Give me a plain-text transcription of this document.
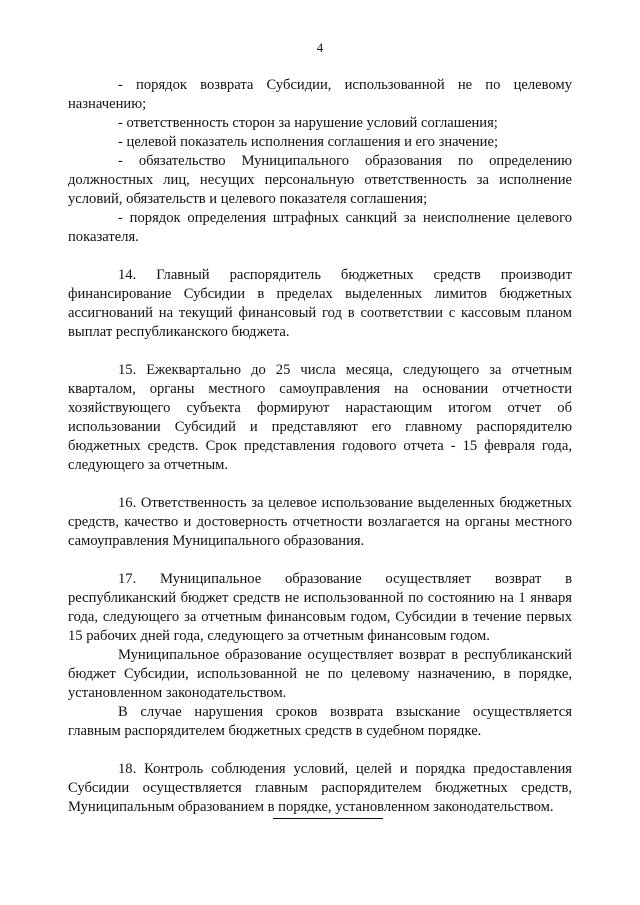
4

- порядок возврата Субсидии, использованной не по целевому назначению;

- ответственность сторон за нарушение условий соглашения;

- целевой показатель исполнения соглашения и его значение;

- обязательство Муниципального образования по определению должностных лиц, несущих персональную ответственность за исполнение условий, обязательств и целевого показателя соглашения;

- порядок определения штрафных санкций за неисполнение целевого показателя.

14. Главный распорядитель бюджетных средств производит финансирование Субсидии в пределах выделенных лимитов бюджетных ассигнований на текущий финансовый год в соответствии с кассовым планом выплат республиканского бюджета.

15. Ежеквартально до 25 числа месяца, следующего за отчетным кварталом, органы местного самоуправления на основании отчетности хозяйствующего субъекта формируют нарастающим итогом отчет об использовании Субсидий и представляют его главному распорядителю бюджетных средств. Срок представления годового отчета - 15 февраля года, следующего за отчетным.

16. Ответственность за целевое использование выделенных бюджетных средств, качество и достоверность отчетности возлагается на органы местного самоуправления Муниципального образования.

17. Муниципальное образование осуществляет возврат в республиканский бюджет средств не использованной по состоянию на 1 января года, следующего за отчетным финансовым годом, Субсидии в течение первых 15 рабочих дней года, следующего за отчетным финансовым годом.

Муниципальное образование осуществляет возврат в республиканский бюджет Субсидии, использованной не по целевому назначению, в порядке, установленном законодательством.

В случае нарушения сроков возврата взыскание осуществляется главным распорядителем бюджетных средств в судебном порядке.

18. Контроль соблюдения условий, целей и порядка предоставления Субсидии осуществляется главным распорядителем бюджетных средств, Муниципальным образованием в порядке, установленном законодательством.
